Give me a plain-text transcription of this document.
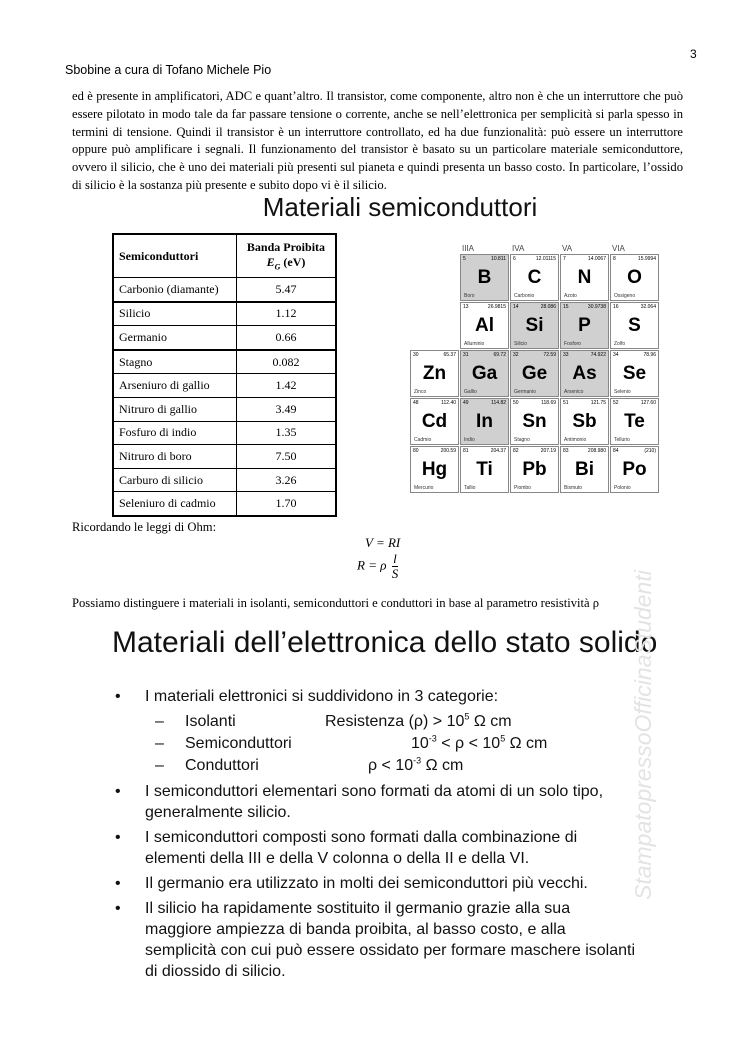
3
Sbobine a cura di Tofano Michele Pio
ed è presente in amplificatori, ADC e quant’altro. Il transistor, come componente, altro non è che un interruttore che può essere pilotato in modo tale da far passare tensione o corrente, anche se nell’elettronica per semplicità si parla spesso in termini di tensione. Quindi il transistor è un interruttore controllato, ed ha due funzionalità: può essere un interruttore oppure può amplificare i segnali. Il funzionamento del transistor è basato su un particolare materiale semiconduttore, ovvero il silicio, che è uno dei materiali più presenti sul pianeta e quindi presenta un basso costo. In particolare, l’ossido di silicio è la sostanza più presente e subito dopo vi è il silicio.
Materiali semiconduttori
Semiconduttori	Banda Proibita
$E_G$ (eV)
Carbonio (diamante)	5.47
Silicio	1.12
Germanio	0.66
Stagno	0.082
Arseniuro di gallio	1.42
Nitruro di gallio	3.49
Fosfuro di indio	1.35
Nitruro di boro	7.50
Carburo di silicio	3.26
Seleniuro di cadmio	1.70
IIIA	IVA	VA	VIA
5	10.811
B
Boro
6	12.01115
C
Carbonio
7	14.0067
N
Azoto
8	15.9994
O
Ossigeno
13	26.9815
Al
Alluminio
14	28.086
Si
Silicio
15	30.9738
P
Fosforo
16	32.064
S
Zolfo
30	65.37
Zn
Zinco
31	69.72
Ga
Gallio
32	72.59
Ge
Germanio
33	74.922
As
Arsenico
34	78.96
Se
Selenio
48	112.40
Cd
Cadmio
49	114.82
In
Indio
50	118.69
Sn
Stagno
51	121.75
Sb
Antimonio
52	127.60
Te
Tellurio
80	200.59
Hg
Mercurio
81	204.37
Ti
Tallio
82	207.19
Pb
Piombo
83	208.980
Bi
Bismuto
84	(210)
Po
Polonio
Ricordando le leggi di Ohm:
V = RI
R = ρ $\frac{l}{S}$
Possiamo distinguere i materiali in isolanti, semiconduttori e conduttori in base al parametro resistività ρ
Materiali dell’elettronica dello stato solido
• I materiali elettronici si suddividono in 3 categorie:
– Isolanti	Resistenza $(\rho) > 10^5$ Ω cm
– Semiconduttori	$10^{-3} < \rho < 10^5$ Ω cm
– Conduttori	$\rho < 10^{-3}$ Ω cm
• I semiconduttori elementari sono formati da atomi di un solo tipo, generalmente silicio.
• I semiconduttori composti sono formati dalla combinazione di elementi della III e della V colonna o della II e della VI.
• Il germanio era utilizzato in molti dei semiconduttori più vecchi.
• Il silicio ha rapidamente sostituito il germanio grazie alla sua maggiore ampiezza di banda proibita, al basso costo, e alla semplicità con cui può essere ossidato per formare maschere isolanti di diossido di silicio.
StampatopressoOfficinaStudenti
